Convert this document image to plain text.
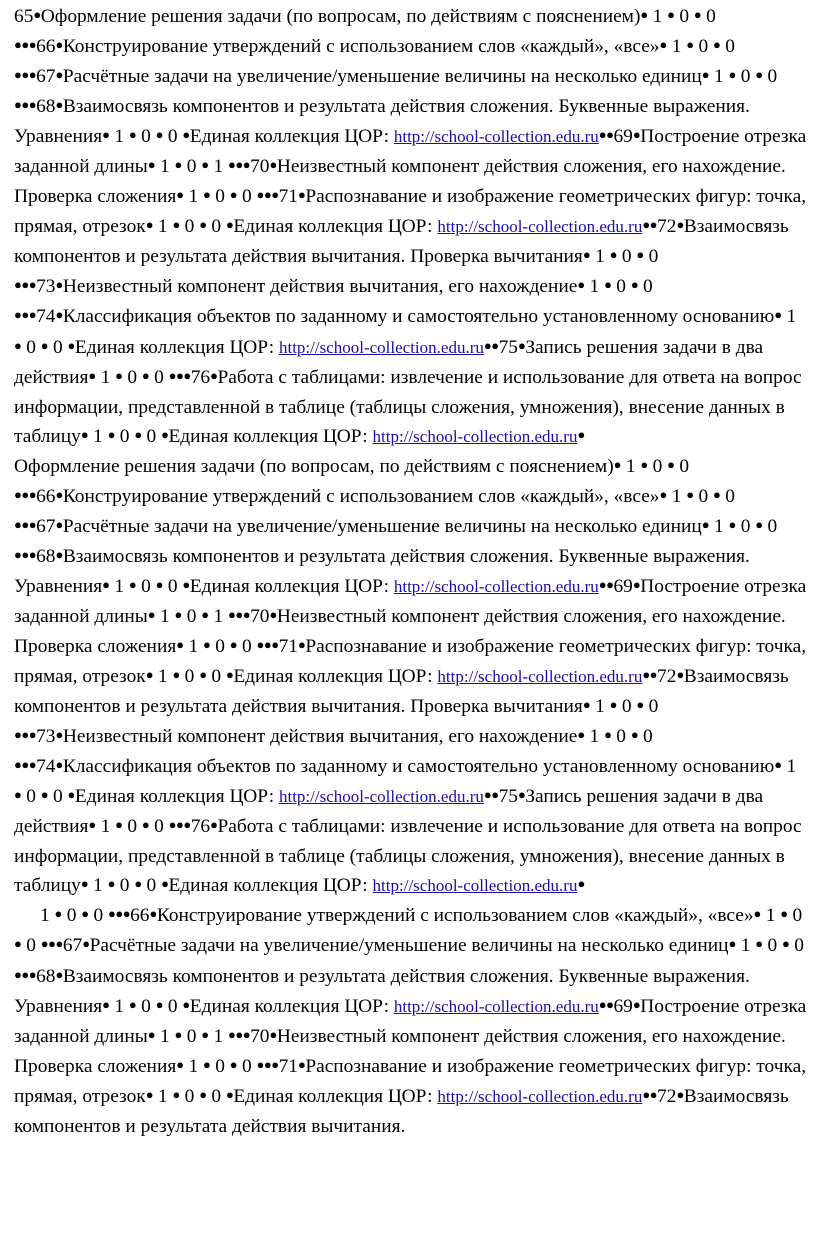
65●Оформление решения задачи (по вопросам, по действиям с пояснением)● 1 ● 0 ● 0 ●●●66●Конструирование утверждений с использованием слов «каждый», «все»● 1 ● 0 ● 0 ●●●67●Расчётные задачи на увеличение/уменьшение величины на несколько единиц● 1 ● 0 ● 0 ●●●68●Взаимосвязь компонентов и результата действия сложения. Буквенные выражения. Уравнения● 1 ● 0 ● 0 ●Единая коллекция ЦОР: http://school-collection.edu.ru●●69●Построение отрезка заданной длины● 1 ● 0 ● 1 ●●●70●Неизвестный компонент действия сложения, его нахождение. Проверка сложения● 1 ● 0 ● 0 ●●●71●Распознавание и изображение геометрических фигур: точка, прямая, отрезок● 1 ● 0 ● 0 ●Единая коллекция ЦОР: http://school-collection.edu.ru●●72●Взаимосвязь компонентов и результата действия вычитания. Проверка вычитания● 1 ● 0 ● 0 ●●●73●Неизвестный компонент действия вычитания, его нахождение● 1 ● 0 ● 0 ●●●74●Классификация объектов по заданному и самостоятельно установленному основанию● 1 ● 0 ● 0 ●Единая коллекция ЦОР: http://school-collection.edu.ru●●75●Запись решения задачи в два действия● 1 ● 0 ● 0 ●●●76●Работа с таблицами: извлечение и использование для ответа на вопрос информации, представленной в таблице (таблицы сложения, умножения), внесение данных в таблицу● 1 ● 0 ● 0 ●Единая коллекция ЦОР: http://school-collection.edu.ru●

Оформление решения задачи (по вопросам, по действиям с пояснением)● 1 ● 0 ● 0 ●●●66●Конструирование утверждений с использованием слов «каждый», «все»● 1 ● 0 ● 0 ●●●67●Расчётные задачи на увеличение/уменьшение величины на несколько единиц● 1 ● 0 ● 0 ●●●68●Взаимосвязь компонентов и результата действия сложения. Буквенные выражения. Уравнения● 1 ● 0 ● 0 ●Единая коллекция ЦОР: http://school-collection.edu.ru●●69●Построение отрезка заданной длины● 1 ● 0 ● 1 ●●●70●Неизвестный компонент действия сложения, его нахождение. Проверка сложения● 1 ● 0 ● 0 ●●●71●Распознавание и изображение геометрических фигур: точка, прямая, отрезок● 1 ● 0 ● 0 ●Единая коллекция ЦОР: http://school-collection.edu.ru●●72●Взаимосвязь компонентов и результата действия вычитания. Проверка вычитания● 1 ● 0 ● 0 ●●●73●Неизвестный компонент действия вычитания, его нахождение● 1 ● 0 ● 0 ●●●74●Классификация объектов по заданному и самостоятельно установленному основанию● 1 ● 0 ● 0 ●Единая коллекция ЦОР: http://school-collection.edu.ru●●75●Запись решения задачи в два действия● 1 ● 0 ● 0 ●●●76●Работа с таблицами: извлечение и использование для ответа на вопрос информации, представленной в таблице (таблицы сложения, умножения), внесение данных в таблицу● 1 ● 0 ● 0 ●Единая коллекция ЦОР: http://school-collection.edu.ru●

1 ● 0 ● 0 ●●●66●Конструирование утверждений с использованием слов «каждый», «все»● 1 ● 0 ● 0 ●●●67●Расчётные задачи на увеличение/уменьшение величины на несколько единиц● 1 ● 0 ● 0 ●●●68●Взаимосвязь компонентов и результата действия сложения. Буквенные выражения. Уравнения● 1 ● 0 ● 0 ●Единая коллекция ЦОР: http://school-collection.edu.ru●●69●Построение отрезка заданной длины● 1 ● 0 ● 1 ●●●70●Неизвестный компонент действия сложения, его нахождение. Проверка сложения● 1 ● 0 ● 0 ●●●71●Распознавание и изображение геометрических фигур: точка, прямая, отрезок● 1 ● 0 ● 0 ●Единая коллекция ЦОР: http://school-collection.edu.ru●●72●Взаимосвязь компонентов и результата действия вычитания.
